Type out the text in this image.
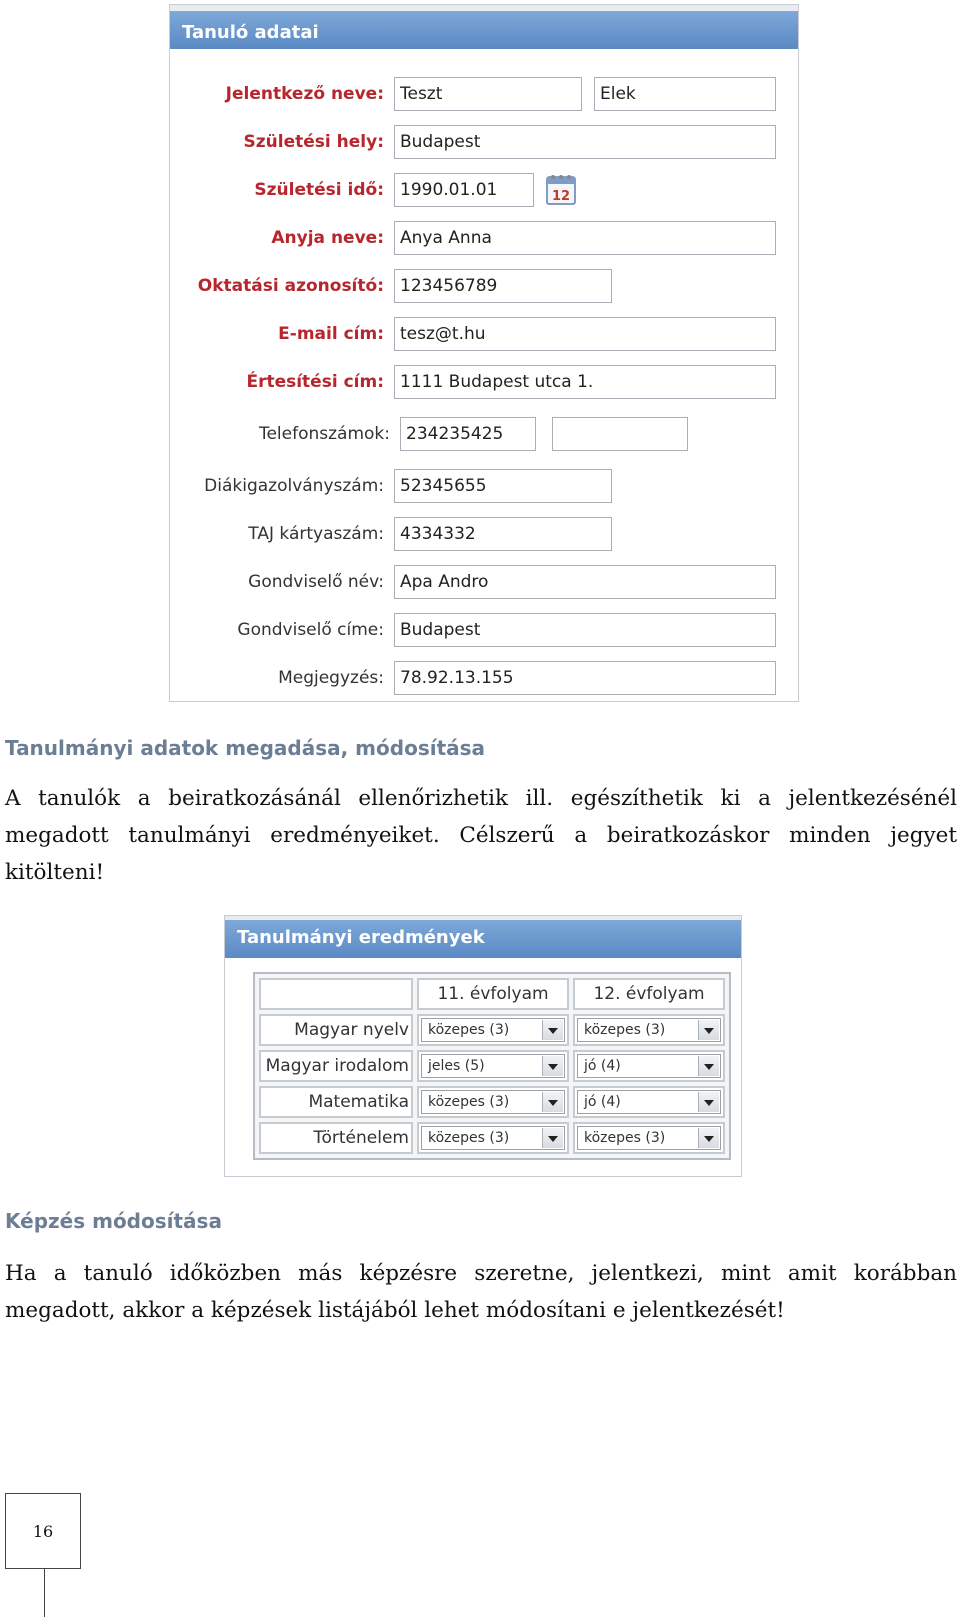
Tanuló adatai
Jelentkező neve: Teszt	Elek
Születési hely: Budapest
Születési idő: 1990.01.01	12
Anyja neve: Anya Anna
Oktatási azonosító: 123456789
E-mail cím: tesz@t.hu
Értesítési cím: 1111 Budapest utca 1.
Telefonszámok: 234235425
Diákigazolványszám: 52345655
TAJ kártyaszám: 4334332
Gondviselő név: Apa Andro
Gondviselő címe: Budapest
Megjegyzés: 78.92.13.155
Tanulmányi adatok megadása, módosítása
A tanulók a beiratkozásánál ellenőrizhetik ill. egészíthetik ki a jelentkezésénél megadott tanulmányi eredményeiket. Célszerű a beiratkozáskor minden jegyet kitölteni!
Tanulmányi eredmények
	11. évfolyam	12. évfolyam
Magyar nyelv	közepes (3)	közepes (3)

Magyar irodalom	jeles (5)	jó (4)

Matematika	közepes (3)	jó (4)

Történelem	közepes (3)	közepes (3)
Képzés módosítása
Ha a tanuló időközben más képzésre szeretne, jelentkezi, mint amit korábban megadott, akkor a képzések listájából lehet módosítani e jelentkezését!
16
